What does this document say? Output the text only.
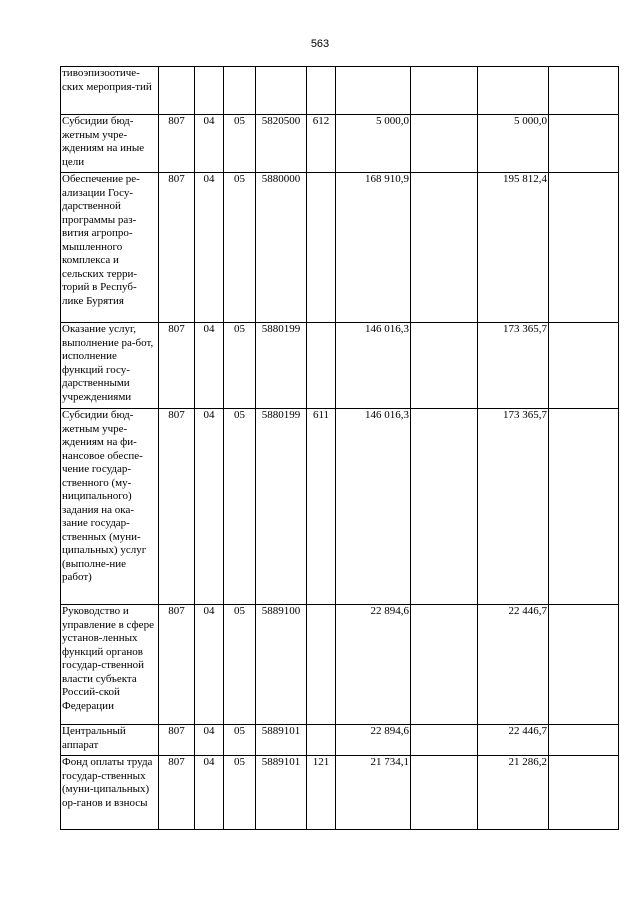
563
тивоэпизоотиче-ских мероприя-тий									
Субсидии бюд-жетным учре-ждениям на иные цели	807	04	05	5820500	612	5 000,0		5 000,0	
Обеспечение ре-ализации Госу-дарственной программы раз-вития агропро-мышленного комплекса и сельских терри-торий в Респуб-лике Бурятия	807	04	05	5880000		168 910,9		195 812,4	
Оказание услуг, выполнение ра-бот, исполнение функций госу-дарственными учреждениями	807	04	05	5880199		146 016,3		173 365,7	
Субсидии бюд-жетным учре-ждениям на фи-нансовое обеспе-чение государ-ственного (му-ниципального) задания на ока-зание государ-ственных (муни-ципальных) услуг (выполне-ние работ)	807	04	05	5880199	611	146 016,3		173 365,7	
Руководство и управление в сфере установ-ленных функций органов государ-ственной власти субъекта Россий-ской Федерации	807	04	05	5889100		22 894,6		22 446,7	
Центральный аппарат	807	04	05	5889101		22 894,6		22 446,7	
Фонд оплаты труда государ-ственных (муни-ципальных) ор-ганов и взносы	807	04	05	5889101	121	21 734,1		21 286,2	
